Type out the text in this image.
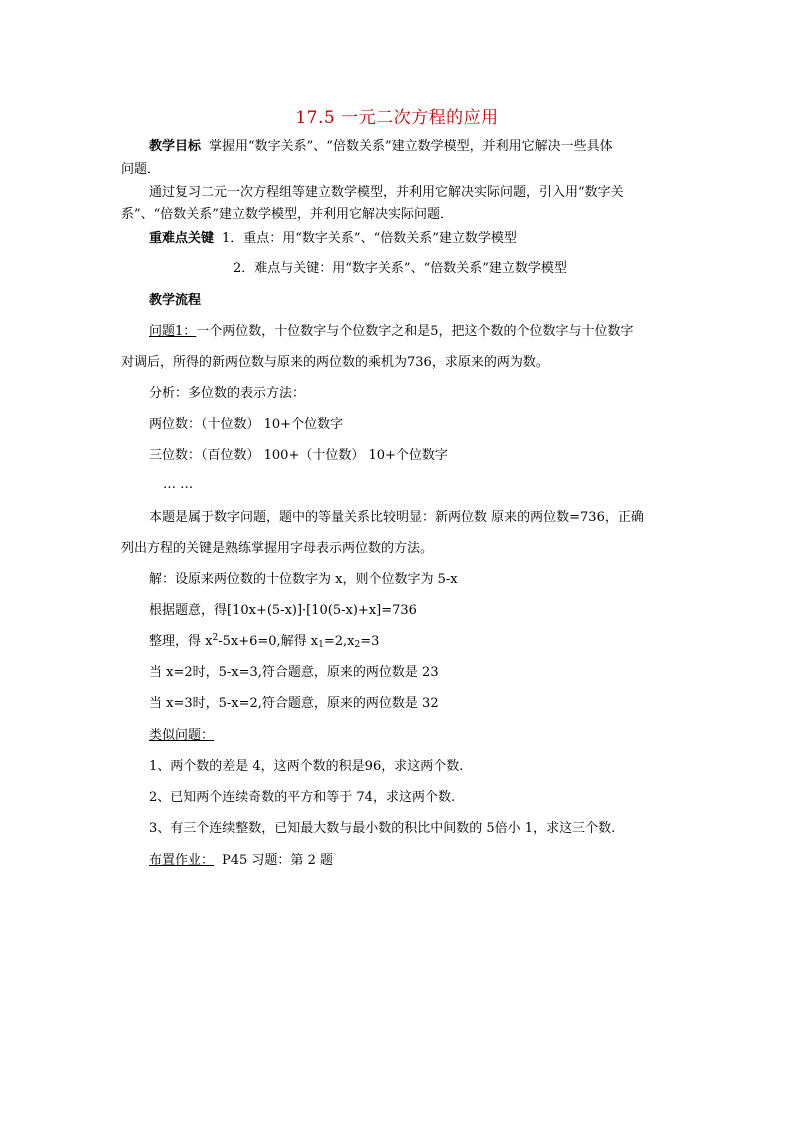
17.5 一元二次方程的应用
教学目标 掌握用“数字关系”、“倍数关系”建立数学模型，并利用它解决一些具体
问题．
通过复习二元一次方程组等建立数学模型，并利用它解决实际问题，引入用“数字关
系”、“倍数关系”建立数学模型，并利用它解决实际问题．
重难点关键 1．重点：用“数字关系”、“倍数关系”建立数学模型
2．难点与关键：用“数字关系”、“倍数关系”建立数学模型
教学流程
问题1：一个两位数，十位数字与个位数字之和是5，把这个数的个位数字与十位数字
对调后，所得的新两位数与原来的两位数的乘机为736，求原来的两为数。
分析：多位数的表示方法：
两位数：（十位数） 10+个位数字
三位数：（百位数） 100+（十位数） 10+个位数字
… …
本题是属于数字问题，题中的等量关系比较明显：新两位数 原来的两位数=736，正确
列出方程的关键是熟练掌握用字母表示两位数的方法。
解：设原来两位数的十位数字为 x，则个位数字为 5-x
根据题意，得[10x+(5-x)]·[10(5-x)+x]=736
整理，得 $x^2-5x+6=0$,解得 $x_1=2,x_2=3$
当 x=2时，5-x=3,符合题意，原来的两位数是 23
当 x=3时，5-x=2,符合题意，原来的两位数是 32
类似问题：
1、两个数的差是 4，这两个数的积是96，求这两个数.
2、已知两个连续奇数的平方和等于 74，求这两个数.
3、有三个连续整数，已知最大数与最小数的积比中间数的 5倍小 1，求这三个数.
布置作业： P45 习题：第 2 题
